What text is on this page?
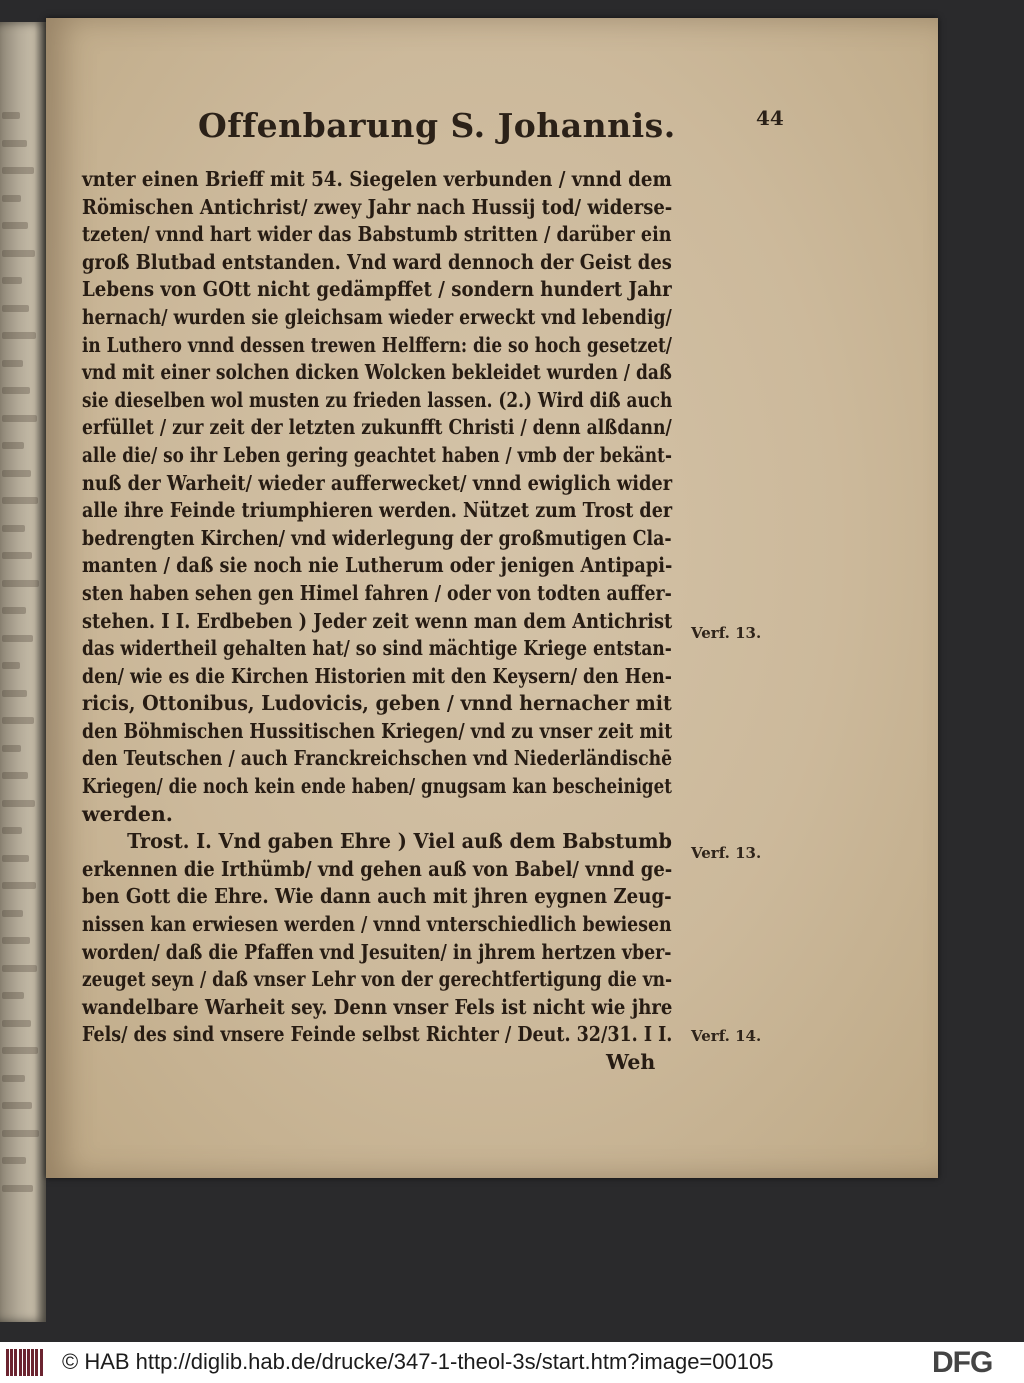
Offenbarung S. Johannis.	44
vnter einen Brieff mit 54. Siegelen verbunden / vnnd dem
Römischen Antichrist/ zwey Jahr nach Hussij tod/ widerse-
tzeten/ vnnd hart wider das Babstumb stritten / darüber ein
groß Blutbad entstanden. Vnd ward dennoch der Geist des
Lebens von GOtt nicht gedämpffet / sondern hundert Jahr
hernach/ wurden sie gleichsam wieder erweckt vnd lebendig/
in Luthero vnnd dessen trewen Helffern: die so hoch gesetzet/
vnd mit einer solchen dicken Wolcken bekleidet wurden / daß
sie dieselben wol musten zu frieden lassen. (2.) Wird diß auch
erfüllet / zur zeit der letzten zukunfft Christi / denn alßdann/
alle die/ so ihr Leben gering geachtet haben / vmb der bekänt-
nuß der Warheit/ wieder aufferwecket/ vnnd ewiglich wider
alle ihre Feinde triumphieren werden. Nützet zum Trost der
bedrengten Kirchen/ vnd widerlegung der großmutigen Cla-
manten / daß sie noch nie Lutherum oder jenigen Antipapi-
sten haben sehen gen Himel fahren / oder von todten auffer-
stehen. I I. Erdbeben ) Jeder zeit wenn man dem Antichrist
das widertheil gehalten hat/ so sind mächtige Kriege entstan-
den/ wie es die Kirchen Historien mit den Keysern/ den Hen-
ricis, Ottonibus, Ludovicis, geben / vnnd hernacher mit
den Böhmischen Hussitischen Kriegen/ vnd zu vnser zeit mit
den Teutschen / auch Franckreichschen vnd Niederländischē
Kriegen/ die noch kein ende haben/ gnugsam kan bescheiniget
werden.
Trost. I. Vnd gaben Ehre ) Viel auß dem Babstumb
erkennen die Irthümb/ vnd gehen auß von Babel/ vnnd ge-
ben Gott die Ehre. Wie dann auch mit jhren eygnen Zeug-
nissen kan erwiesen werden / vnnd vnterschiedlich bewiesen
worden/ daß die Pfaffen vnd Jesuiten/ in jhrem hertzen vber-
zeuget seyn / daß vnser Lehr von der gerechtfertigung die vn-
wandelbare Warheit sey. Denn vnser Fels ist nicht wie jhre
Fels/ des sind vnsere Feinde selbst Richter / Deut. 32/31. I I.
Weh
Verf. 13.
Verf. 13.
Verf. 14.
© HAB http://diglib.hab.de/drucke/347-1-theol-3s/start.htm?image=00105	DFG
